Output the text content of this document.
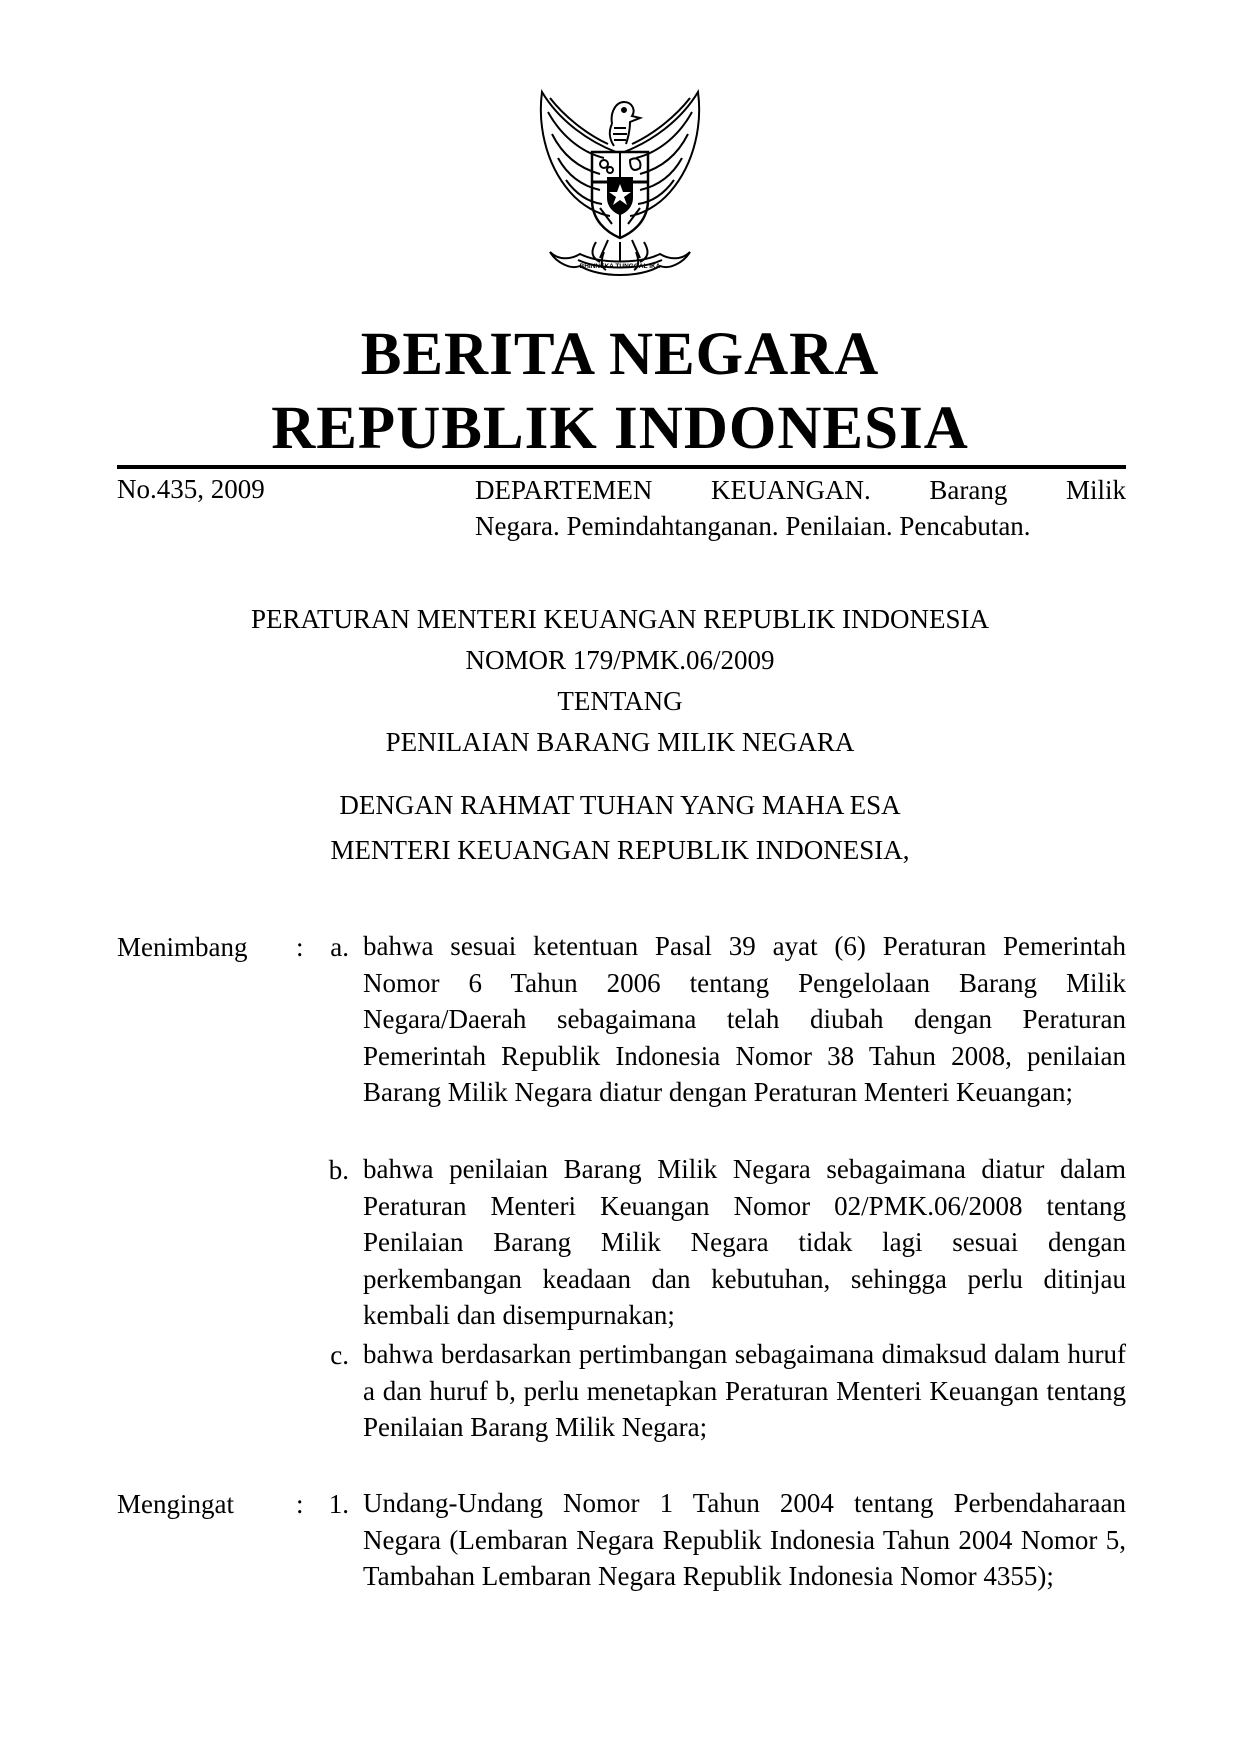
BHINNEKA TUNGGAL IKA
BERITA NEGARA
REPUBLIK INDONESIA
No.435, 2009	DEPARTEMEN KEUANGAN. Barang Milik
Negara. Pemindahtanganan. Penilaian. Pencabutan.
PERATURAN MENTERI KEUANGAN REPUBLIK INDONESIA
NOMOR 179/PMK.06/2009
TENTANG
PENILAIAN BARANG MILIK NEGARA
DENGAN RAHMAT TUHAN YANG MAHA ESA
MENTERI KEUANGAN REPUBLIK INDONESIA,
Menimbang : a. bahwa sesuai ketentuan Pasal 39 ayat (6) Peraturan Pemerintah Nomor 6 Tahun 2006 tentang Pengelolaan Barang Milik Negara/Daerah sebagaimana telah diubah dengan Peraturan Pemerintah Republik Indonesia Nomor 38 Tahun 2008, penilaian Barang Milik Negara diatur dengan Peraturan Menteri Keuangan;
b. bahwa penilaian Barang Milik Negara sebagaimana diatur dalam Peraturan Menteri Keuangan Nomor 02/PMK.06/2008 tentang Penilaian Barang Milik Negara tidak lagi sesuai dengan perkembangan keadaan dan kebutuhan, sehingga perlu ditinjau kembali dan disempurnakan;
c. bahwa berdasarkan pertimbangan sebagaimana dimaksud dalam huruf a dan huruf b, perlu menetapkan Peraturan Menteri Keuangan tentang Penilaian Barang Milik Negara;
Mengingat : 1. Undang-Undang Nomor 1 Tahun 2004 tentang Perbendaharaan Negara (Lembaran Negara Republik Indonesia Tahun 2004 Nomor 5, Tambahan Lembaran Negara Republik Indonesia Nomor 4355);
